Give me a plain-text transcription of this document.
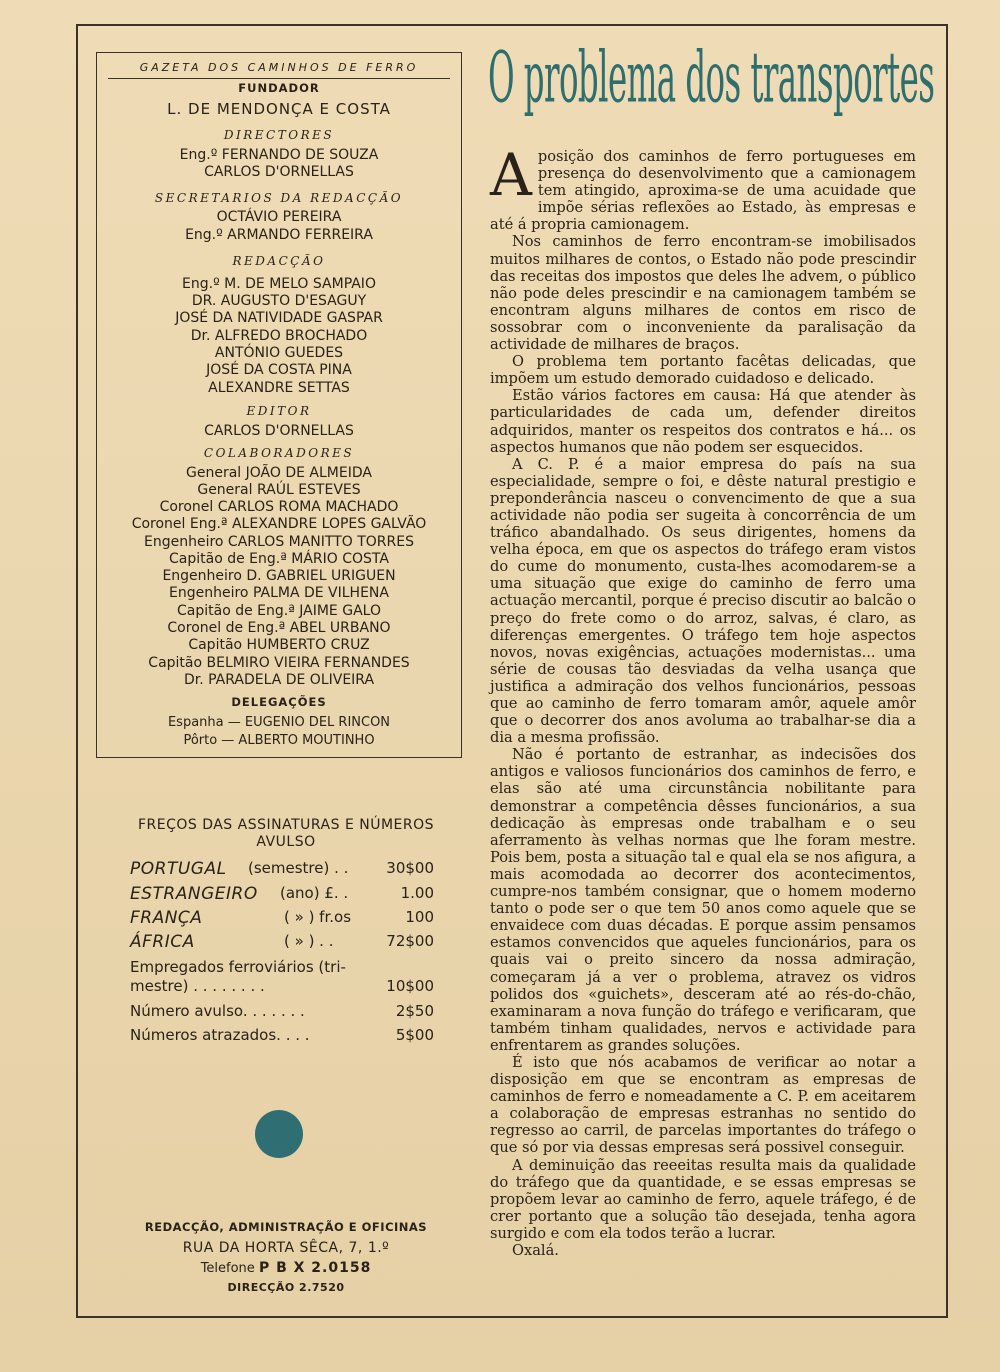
GAZETA DOS CAMINHOS DE FERRO
FUNDADOR
L. DE MENDONÇA E COSTA
DIRECTORES
Eng.º FERNANDO DE SOUZA
CARLOS D'ORNELLAS
SECRETARIOS DA REDACÇÃO
OCTÁVIO PEREIRA
Eng.º ARMANDO FERREIRA
REDACÇÃO
Eng.º M. DE MELO SAMPAIO
DR. AUGUSTO D'ESAGUY
JOSÉ DA NATIVIDADE GASPAR
Dr. ALFREDO BROCHADO
ANTÓNIO GUEDES
JOSÉ DA COSTA PINA
ALEXANDRE SETTAS
EDITOR
CARLOS D'ORNELLAS
COLABORADORES
General JOÃO DE ALMEIDA
General RAÚL ESTEVES
Coronel CARLOS ROMA MACHADO
Coronel Eng.ª ALEXANDRE LOPES GALVÃO
Engenheiro CARLOS MANITTO TORRES
Capitão de Eng.ª MÁRIO COSTA
Engenheiro D. GABRIEL URIGUEN
Engenheiro PALMA DE VILHENA
Capitão de Eng.ª JAIME GALO
Coronel de Eng.ª ABEL URBANO
Capitão HUMBERTO CRUZ
Capitão BELMIRO VIEIRA FERNANDES
Dr. PARADELA DE OLIVEIRA
DELEGAÇÕES
Espanha — EUGENIO DEL RINCON
Pôrto — ALBERTO MOUTINHO
FREÇOS DAS ASSINATURAS E NÚMEROS
AVULSO
PORTUGAL (semestre) . .	30$00
ESTRANGEIRO (ano) £. .	1.00
FRANÇA	( » ) fr.os	100
ÁFRICA	( » ) . .	72$00
Empregados ferroviários (tri-
mestre) . . . . . . . .	10$00
Número avulso. . . . . . .	2$50
Números atrazados. . . .	5$00
REDACÇÃO, ADMINISTRAÇÃO E OFICINAS
RUA DA HORTA SÊCA, 7, 1.º
Telefone P B X 2.0158
DIRECÇÃO 2.7520
O problema dos transportes

Aposição dos caminhos de ferro portugueses em presença do desenvolvimento que a camionagem tem atingido, aproxima-se de uma acuidade que impõe sérias reflexões ao Estado, às empresas e até á propria camionagem.

Nos caminhos de ferro encontram-se imobilisados muitos milhares de contos, o Estado não pode prescindir das receitas dos impostos que deles lhe advem, o público não pode deles prescindir e na camionagem também se encontram alguns milhares de contos em risco de sossobrar com o inconveniente da paralisação da actividade de milhares de braços.

O problema tem portanto facêtas delicadas, que impõem um estudo demorado cuidadoso e delicado.

Estão vários factores em causa: Há que atender às particularidades de cada um, defender direitos adquiridos, manter os respeitos dos contratos e há... os aspectos humanos que não podem ser esquecidos.

A C. P. é a maior empresa do país na sua especialidade, sempre o foi, e dêste natural prestigio e preponderância nasceu o convencimento de que a sua actividade não podia ser sugeita à concorrência de um tráfico abandalhado. Os seus dirigentes, homens da velha época, em que os aspectos do tráfego eram vistos do cume do monumento, custa-lhes acomodarem-se a uma situação que exige do caminho de ferro uma actuação mercantil, porque é preciso discutir ao balcão o preço do frete como o do arroz, salvas, é claro, as diferenças emergentes. O tráfego tem hoje aspectos novos, novas exigências, actuações modernistas... uma série de cousas tão desviadas da velha usança que justifica a admiração dos velhos funcionários, pessoas que ao caminho de ferro tomaram amôr, aquele amôr que o decorrer dos anos avoluma ao trabalhar-se dia a dia a mesma profissão.

Não é portanto de estranhar, as indecisões dos antigos e valiosos funcionários dos caminhos de ferro, e elas são até uma circunstância nobilitante para demonstrar a competência dêsses funcionários, a sua dedicação às empresas onde trabalham e o seu aferramento às velhas normas que lhe foram mestre. Pois bem, posta a situação tal e qual ela se nos afigura, a mais acomodada ao decorrer dos acontecimentos, cumpre-nos também consignar, que o homem moderno tanto o pode ser o que tem 50 anos como aquele que se envaidece com duas décadas. E porque assim pensamos estamos convencidos que aqueles funcionários, para os quais vai o preito sincero da nossa admiração, começaram já a ver o problema, atravez os vidros polidos dos «guichets», desceram até ao rés-do-chão, examinaram a nova função do tráfego e verificaram, que também tinham qualidades, nervos e actividade para enfrentarem as grandes soluções.

É isto que nós acabamos de verificar ao notar a disposição em que se encontram as empresas de caminhos de ferro e nomeadamente a C. P. em aceitarem a colaboração de empresas estranhas no sentido do regresso ao carril, de parcelas importantes do tráfego o que só por via dessas empresas será possivel conseguir.

A deminuição das reeeitas resulta mais da qualidade do tráfego que da quantidade, e se essas empresas se propõem levar ao caminho de ferro, aquele tráfego, é de crer portanto que a solução tão desejada, tenha agora surgido e com ela todos terão a lucrar.

Oxalá.
